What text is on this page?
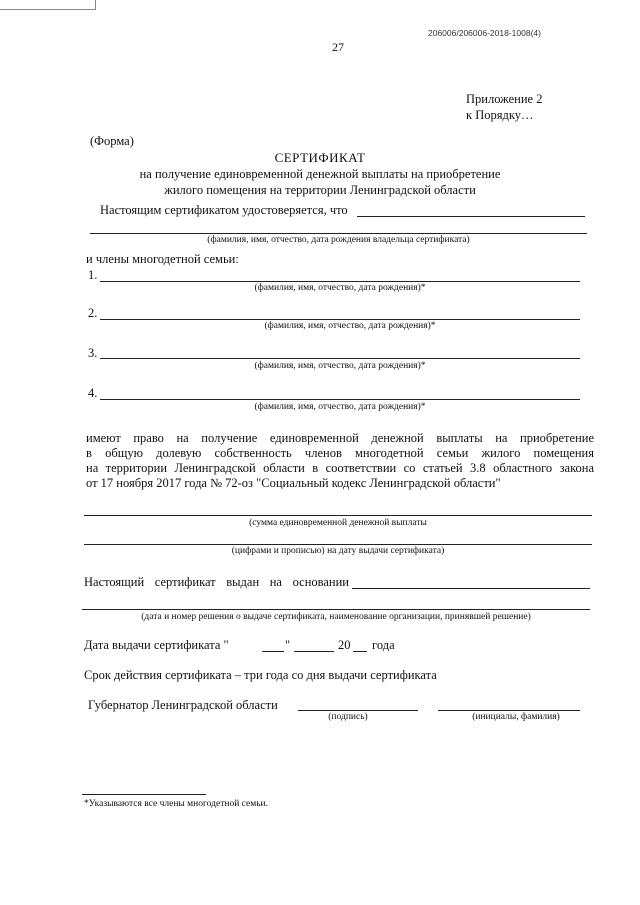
206006/206006-2018-1008(4)
27
Приложение 2
к Порядку…
(Форма)
СЕРТИФИКАТ
на получение единовременной денежной выплаты на приобретение
жилого помещения на территории Ленинградской области
Настоящим сертификатом удостоверяется, что
(фамилия, имя, отчество, дата рождения владельца сертификата)
и члены многодетной семьи:
1.
(фамилия, имя, отчество, дата рождения)*
2.
(фамилия, имя, отчество, дата рождения)*
3.
(фамилия, имя, отчество, дата рождения)*
4.
(фамилия, имя, отчество, дата рождения)*
имеют право на получение единовременной денежной выплаты на приобретение
в общую долевую собственность членов многодетной семьи жилого помещения
на территории Ленинградской области в соответствии со статьей 3.8 областного закона
от 17 ноября 2017 года № 72-оз "Социальный кодекс Ленинградской области"
(сумма единовременной денежной выплаты
(цифрами и прописью) на дату выдачи сертификата)
Настоящий сертификат выдан на основании
(дата и номер решения о выдаче сертификата, наименование организации, принявшей решение)
Дата выдачи сертификата "	"	20 года
Срок действия сертификата – три года со дня выдачи сертификата
Губернатор Ленинградской области
(подпись)	(инициалы, фамилия)
*Указываются все члены многодетной семьи.
